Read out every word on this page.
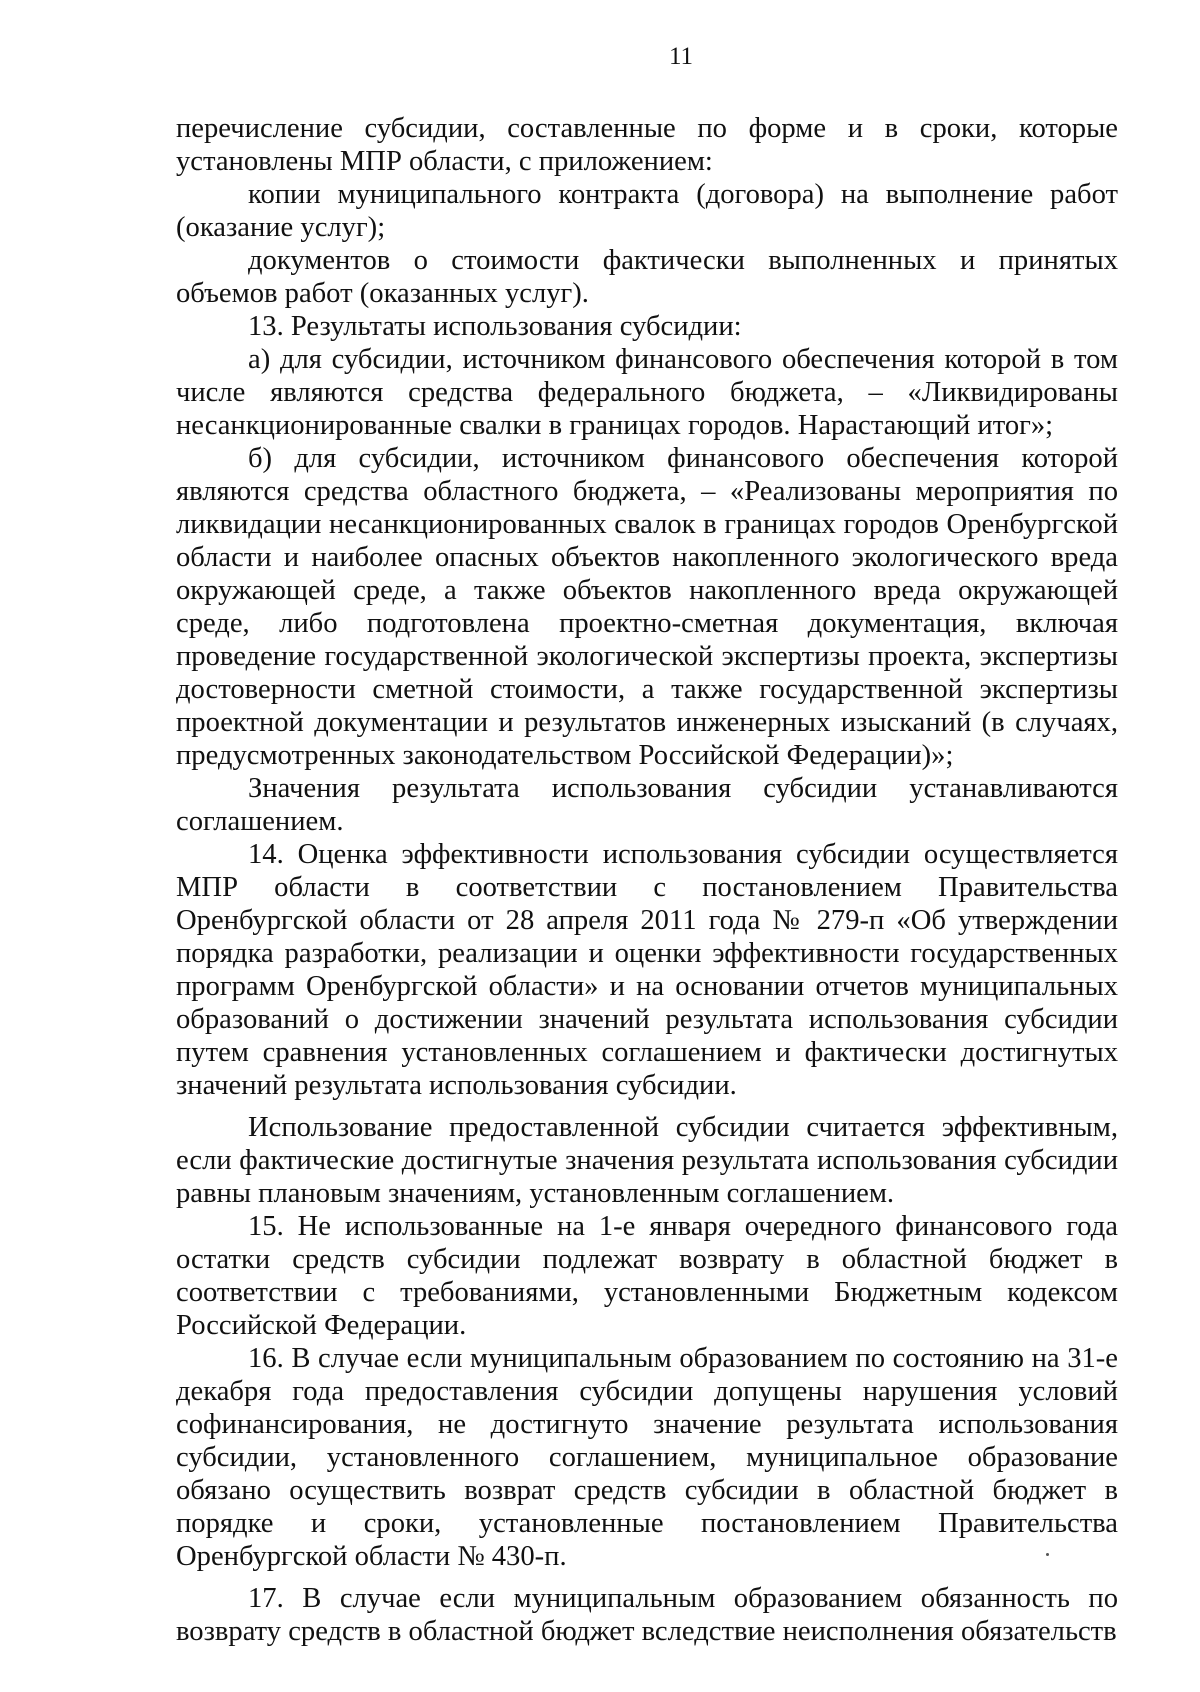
11

перечисление субсидии, составленные по форме и в сроки, которые установлены МПР области, с приложением:

копии муниципального контракта (договора) на выполнение работ (оказание услуг);

документов о стоимости фактически выполненных и принятых объемов работ (оказанных услуг).

13. Результаты использования субсидии:

а) для субсидии, источником финансового обеспечения которой в том числе являются средства федерального бюджета, – «Ликвидированы несанкционированные свалки в границах городов. Нарастающий итог»;

б) для субсидии, источником финансового обеспечения которой являются средства областного бюджета, – «Реализованы мероприятия по ликвидации несанкционированных свалок в границах городов Оренбургской области и наиболее опасных объектов накопленного экологического вреда окружающей среде, а также объектов накопленного вреда окружающей среде, либо подготовлена проектно-сметная документация, включая проведение государственной экологической экспертизы проекта, экспертизы достоверности сметной стоимости, а также государственной экспертизы проектной документации и результатов инженерных изысканий (в случаях, предусмотренных законодательством Российской Федерации)»;

Значения результата использования субсидии устанавливаются соглашением.

14. Оценка эффективности использования субсидии осуществляется МПР области в соответствии с постановлением Правительства Оренбургской области от 28 апреля 2011 года № 279-п «Об утверждении порядка разработки, реализации и оценки эффективности государственных программ Оренбургской области» и на основании отчетов муниципальных образований о достижении значений результата использования субсидии путем сравнения установленных соглашением и фактически достигнутых значений результата использования субсидии.

Использование предоставленной субсидии считается эффективным, если фактические достигнутые значения результата использования субсидии равны плановым значениям, установленным соглашением.

15. Не использованные на 1-е января очередного финансового года остатки средств субсидии подлежат возврату в областной бюджет в соответствии с требованиями, установленными Бюджетным кодексом Российской Федерации.

16. В случае если муниципальным образованием по состоянию на 31-е декабря года предоставления субсидии допущены нарушения условий софинансирования, не достигнуто значение результата использования субсидии, установленного соглашением, муниципальное образование обязано осуществить возврат средств субсидии в областной бюджет в порядке и сроки, установленные постановлением Правительства Оренбургской области № 430-п.

17. В случае если муниципальным образованием обязанность по возврату средств в областной бюджет вследствие неисполнения обязательств
